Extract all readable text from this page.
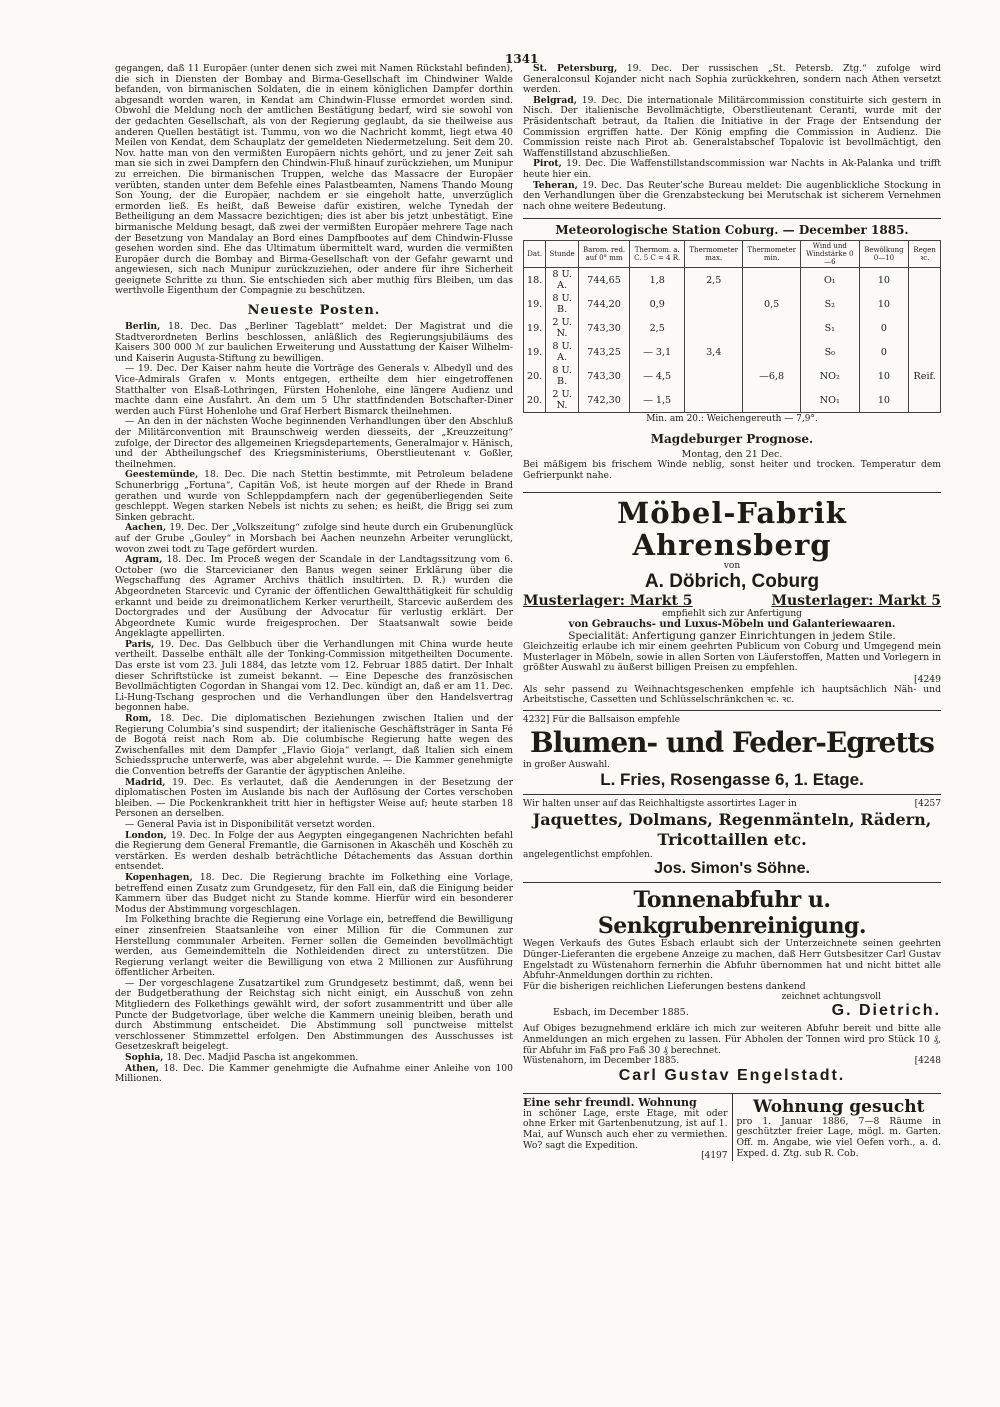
1341

gegangen, daß 11 Europäer (unter denen sich zwei mit Namen Rückstahl befinden), die sich in Diensten der Bombay and Birma-Gesellschaft im Chindwiner Walde befanden, von birmanischen Soldaten, die in einem königlichen Dampfer dorthin abgesandt worden waren, in Kendat am Chindwin-Flusse ermordet worden sind. Obwohl die Meldung noch der amtlichen Bestätigung bedarf, wird sie sowohl von der gedachten Gesellschaft, als von der Regierung geglaubt, da sie theilweise aus anderen Quellen bestätigt ist. Tummu, von wo die Nachricht kommt, liegt etwa 40 Meilen von Kendat, dem Schauplatz der gemeldeten Niedermetzelung. Seit dem 20. Nov. hatte man von den vermißten Europäern nichts gehört, und zu jener Zeit sah man sie sich in zwei Dampfern den Chindwin-Fluß hinauf zurückziehen, um Munipur zu erreichen. Die birmanischen Truppen, welche das Massacre der Europäer verübten, standen unter dem Befehle eines Palastbeamten, Namens Thando Moung Son Young, der die Europäer, nachdem er sie eingeholt hatte, unverzüglich ermorden ließ. Es heißt, daß Beweise dafür existiren, welche Tynedah der Betheiligung an dem Massacre bezichtigen; dies ist aber bis jetzt unbestätigt. Eine birmanische Meldung besagt, daß zwei der vermißten Europäer mehrere Tage nach der Besetzung von Mandalay an Bord eines Dampfbootes auf dem Chindwin-Flusse gesehen worden sind. Ehe das Ultimatum übermittelt ward, wurden die vermißten Europäer durch die Bombay and Birma-Gesellschaft von der Gefahr gewarnt und angewiesen, sich nach Munipur zurückzuziehen, oder andere für ihre Sicherheit geeignete Schritte zu thun. Sie entschieden sich aber muthig fürs Bleiben, um das werthvolle Eigenthum der Compagnie zu beschützen.

Neueste Posten.

Berlin, 18. Dec. Das „Berliner Tageblatt“ meldet: Der Magistrat und die Stadtverordneten Berlins beschlossen, anläßlich des Regierungsjubiläums des Kaisers 300 000 ℳ zur baulichen Erweiterung und Ausstattung der Kaiser Wilhelm- und Kaiserin Augusta-Stiftung zu bewilligen.

— 19. Dec. Der Kaiser nahm heute die Vorträge des Generals v. Albedyll und des Vice-Admirals Grafen v. Monts entgegen, ertheilte dem hier eingetroffenen Statthalter von Elsaß-Lothringen, Fürsten Hohenlohe, eine längere Audienz und machte dann eine Ausfahrt. An dem um 5 Uhr stattfindenden Botschafter-Diner werden auch Fürst Hohenlohe und Graf Herbert Bismarck theilnehmen.

— An den in der nächsten Woche beginnenden Verhandlungen über den Abschluß der Militärconvention mit Braunschweig werden diesseits, der „Kreuzzeitung“ zufolge, der Director des allgemeinen Kriegsdepartements, Generalmajor v. Hänisch, und der Abtheilungschef des Kriegsministeriums, Oberstlieutenant v. Goßler, theilnehmen.

Geestemünde, 18. Dec. Die nach Stettin bestimmte, mit Petroleum beladene Schunerbrigg „Fortuna“, Capitän Voß, ist heute morgen auf der Rhede in Brand gerathen und wurde von Schleppdampfern nach der gegenüberliegenden Seite geschleppt. Wegen starken Nebels ist nichts zu sehen; es heißt, die Brigg sei zum Sinken gebracht.

Aachen, 19. Dec. Der „Volkszeitung“ zufolge sind heute durch ein Grubenunglück auf der Grube „Gouley“ in Morsbach bei Aachen neunzehn Arbeiter verunglückt, wovon zwei todt zu Tage gefördert wurden.

Agram, 18. Dec. Im Proceß wegen der Scandale in der Landtagssitzung vom 6. October (wo die Starcevicianer den Banus wegen seiner Erklärung über die Wegschaffung des Agramer Archivs thätlich insultirten. D. R.) wurden die Abgeordneten Starcevic und Cyranic der öffentlichen Gewaltthätigkeit für schuldig erkannt und beide zu dreimonatlichem Kerker verurtheilt, Starcevic außerdem des Doctorgrades und der Ausübung der Advocatur für verlustig erklärt. Der Abgeordnete Kumic wurde freigesprochen. Der Staatsanwalt sowie beide Angeklagte appellirten.

Paris, 19. Dec. Das Gelbbuch über die Verhandlungen mit China wurde heute vertheilt. Dasselbe enthält alle der Tonking-Commission mitgetheilten Documente. Das erste ist vom 23. Juli 1884, das letzte vom 12. Februar 1885 datirt. Der Inhalt dieser Schriftstücke ist zumeist bekannt. — Eine Depesche des französischen Bevollmächtigten Cogordan in Shangai vom 12. Dec. kündigt an, daß er am 11. Dec. Li-Hung-Tschang gesprochen und die Verhandlungen über den Handelsvertrag begonnen habe.

Rom, 18. Dec. Die diplomatischen Beziehungen zwischen Italien und der Regierung Columbia’s sind suspendirt; der italienische Geschäftsträger in Santa Fé de Bogotá reist nach Rom ab. Die columbische Regierung hatte wegen des Zwischenfalles mit dem Dampfer „Flavio Gioja“ verlangt, daß Italien sich einem Schiedsspruche unterwerfe, was aber abgelehnt wurde. — Die Kammer genehmigte die Convention betreffs der Garantie der ägyptischen Anleihe.

Madrid, 19. Dec. Es verlautet, daß die Aenderungen in der Besetzung der diplomatischen Posten im Auslande bis nach der Auflösung der Cortes verschoben bleiben. — Die Pockenkrankheit tritt hier in heftigster Weise auf; heute starben 18 Personen an derselben.

— General Pavia ist in Disponibilität versetzt worden.

London, 19. Dec. In Folge der aus Aegypten eingegangenen Nachrichten befahl die Regierung dem General Fremantle, die Garnisonen in Akaschëh und Koschëh zu verstärken. Es werden deshalb beträchtliche Détachements das Assuan dorthin entsendet.

Kopenhagen, 18. Dec. Die Regierung brachte im Folkething eine Vorlage, betreffend einen Zusatz zum Grundgesetz, für den Fall ein, daß die Einigung beider Kammern über das Budget nicht zu Stande komme. Hierfür wird ein besonderer Modus der Abstimmung vorgeschlagen.

Im Folkething brachte die Regierung eine Vorlage ein, betreffend die Bewilligung einer zinsenfreien Staatsanleihe von einer Million für die Communen zur Herstellung communaler Arbeiten. Ferner sollen die Gemeinden bevollmächtigt werden, aus Gemeindemitteln die Nothleidenden direct zu unterstützen. Die Regierung verlangt weiter die Bewilligung von etwa 2 Millionen zur Ausführung öffentlicher Arbeiten.

— Der vorgeschlagene Zusatzartikel zum Grundgesetz bestimmt, daß, wenn bei der Budgetberathung der Reichstag sich nicht einigt, ein Ausschuß von zehn Mitgliedern des Folkethings gewählt wird, der sofort zusammentritt und über alle Puncte der Budgetvorlage, über welche die Kammern uneinig bleiben, berath und durch Abstimmung entscheidet. Die Abstimmung soll punctweise mittelst verschlossener Stimmzettel erfolgen. Den Abstimmungen des Ausschusses ist Gesetzeskraft beigelegt.

Sophia, 18. Dec. Madjid Pascha ist angekommen.

Athen, 18. Dec. Die Kammer genehmigte die Aufnahme einer Anleihe von 100 Millionen.

St. Petersburg, 19. Dec. Der russischen „St. Petersb. Ztg.“ zufolge wird Generalconsul Kojander nicht nach Sophia zurückkehren, sondern nach Athen versetzt werden.

Belgrad, 19. Dec. Die internationale Militärcommission constituirte sich gestern in Nisch. Der italienische Bevollmächtigte, Oberstlieutenant Ceranti, wurde mit der Präsidentschaft betraut, da Italien die Initiative in der Frage der Entsendung der Commission ergriffen hatte. Der König empfing die Commission in Audienz. Die Commission reiste nach Pirot ab. Generalstabschef Topalovic ist bevollmächtigt, den Waffenstillstand abzuschließen.

Pirot, 19. Dec. Die Waffenstillstandscommission war Nachts in Ak-Palanka und trifft heute hier ein.

Teheran, 19. Dec. Das Reuter’sche Bureau meldet: Die augenblickliche Stockung in den Verhandlungen über die Grenzabsteckung bei Merutschak ist sicherem Vernehmen nach ohne weitere Bedeutung.

Meteorologische Station Coburg. — December 1885.
Dat.	Stunde	Barom. red. auf 0° mm	Thermom. a. C. 5 C = 4 R.	Thermometer max.	Thermometer min.	Wind und Windstärke 0—6	Bewölkung 0—10	Regen ꝛc.
18.	8 U. A.	744,65	1,8	2,5		O₁	10	
19.	8 U. B.	744,20	0,9		0,5	S₂	10	
19.	2 U. N.	743,30	2,5			S₁	0	
19.	8 U. A.	743,25	— 3,1	3,4		S₀	0	
20.	8 U. B.	743,30	— 4,5		—6,8	NO₂	10	Reif.
20.	2 U. N.	742,30	— 1,5			NO₁	10	
Min. am 20.: Weichengereuth — 7,9°.
Magdeburger Prognose.
Montag, den 21 Dec.

Bei mäßigem bis frischem Winde neblig, sonst heiter und trocken. Temperatur dem Gefrierpunkt nahe.

Möbel-Fabrik Ahrensberg
von
A. Döbrich, Coburg
Musterlager: Markt 5	Musterlager: Markt 5
empfiehlt sich zur Anfertigung
von Gebrauchs- und Luxus-Möbeln und Galanteriewaaren.
Specialität: Anfertigung ganzer Einrichtungen in jedem Stile.

Gleichzeitig erlaube ich mir einem geehrten Publicum von Coburg und Umgegend mein Musterlager in Möbeln, sowie in allen Sorten von Läuferstoffen, Matten und Vorlegern in größter Auswahl zu äußerst billigen Preisen zu empfehlen.

[4249

Als sehr passend zu Weihnachtsgeschenken empfehle ich hauptsächlich Näh- und Arbeitstische, Cassetten und Schlüsselschränkchen ꝛc. ꝛc.

4232] Für die Ballsaison empfehle
Blumen- und Feder-Egretts
in großer Auswahl.
L. Fries, Rosengasse 6, 1. Etage.
Wir halten unser auf das Reichhaltigste assortirtes Lager in	[4257
Jaquettes, Dolmans, Regenmänteln, Rädern, Tricottaillen etc.
angelegentlichst empfohlen.
Jos. Simon's Söhne.
Tonnenabfuhr u. Senkgrubenreinigung.

Wegen Verkaufs des Gutes Esbach erlaubt sich der Unterzeichnete seinen geehrten Dünger-Lieferanten die ergebene Anzeige zu machen, daß Herr Gutsbesitzer Carl Gustav Engelstadt zu Wüstenahorn fernerhin die Abfuhr übernommen hat und nicht bittet alle Abfuhr-Anmeldungen dorthin zu richten.

Für die bisherigen reichlichen Lieferungen bestens dankend

zeichnet achtungsvoll
Esbach, im December 1885.	G. Dietrich.

Auf Obiges bezugnehmend erkläre ich mich zur weiteren Abfuhr bereit und bitte alle Anmeldungen an mich ergehen zu lassen. Für Abholen der Tonnen wird pro Stück 10 ₰, für Abfuhr im Faß pro Faß 30 ₰ berechnet.

Wüstenahorn, im December 1885.	[4248
Carl Gustav Engelstadt.
Eine sehr freundl. Wohnung

in schöner Lage, erste Etage, mit oder ohne Erker mit Gartenbenutzung, ist auf 1. Mai, auf Wunsch auch eher zu vermiethen. Wo? sagt die Expedition.

[4197
Wohnung gesucht

pro 1. Januar 1886, 7—8 Räume in geschützter freier Lage, mögl. m. Garten. Off. m. Angabe, wie viel Oefen vorh., a. d. Exped. d. Ztg. sub R. Cob.
